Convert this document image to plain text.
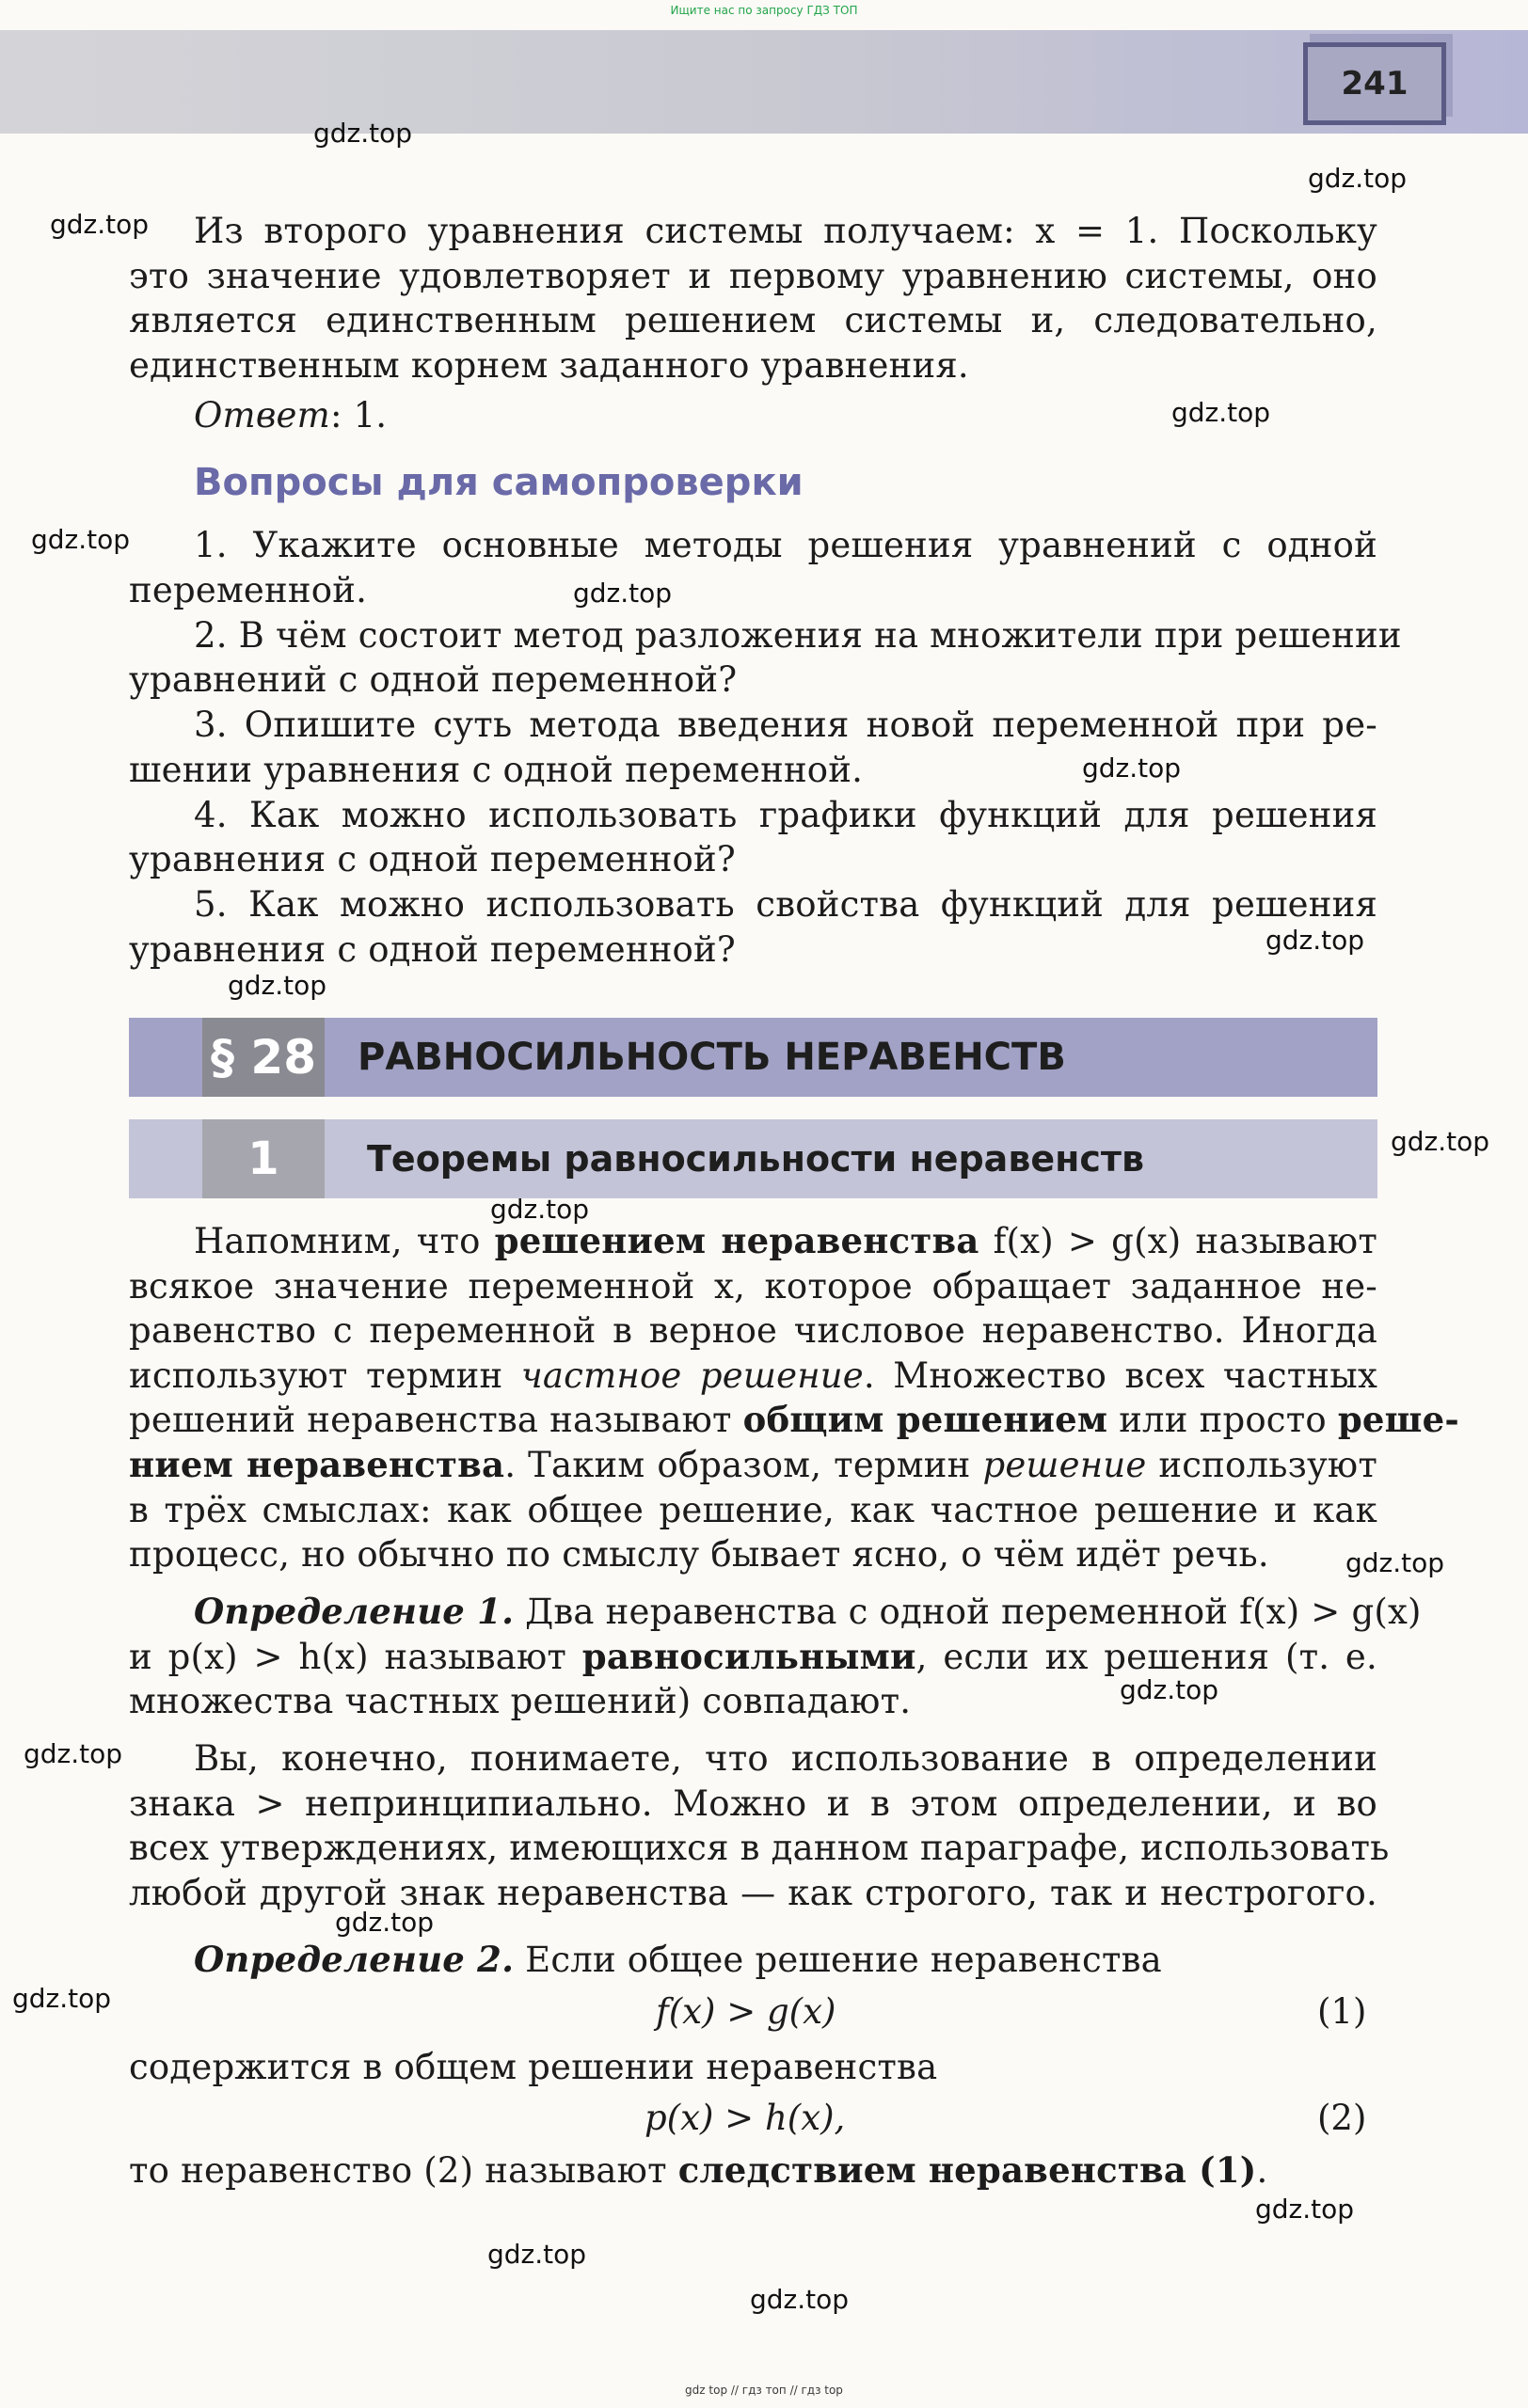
Ищите нас по запросу ГДЗ ТОП
241
Из второго уравнения системы получаем: x = 1. Поскольку
это значение удовлетворяет и первому уравнению системы, оно
является единственным решением системы и, следовательно,
единственным корнем заданного уравнения.
Ответ: 1.
Вопросы для самопроверки
1. Укажите основные методы решения уравнений с одной
переменной.
2. В чём состоит метод разложения на множители при решении
уравнений с одной переменной?
3. Опишите суть метода введения новой переменной при ре-
шении уравнения с одной переменной.
4. Как можно использовать графики функций для решения
уравнения с одной переменной?
5. Как можно использовать свойства функций для решения
уравнения с одной переменной?
§ 28 РАВНОСИЛЬНОСТЬ НЕРАВЕНСТВ
1	Теоремы равносильности неравенств
Напомним, что решением неравенства f(x) > g(x) называют
всякое значение переменной x, которое обращает заданное не-
равенство с переменной в верное числовое неравенство. Иногда
используют термин частное решение. Множество всех частных
решений неравенства называют общим решением или просто реше-
нием неравенства. Таким образом, термин решение используют
в трёх смыслах: как общее решение, как частное решение и как
процесс, но обычно по смыслу бывает ясно, о чём идёт речь.
Определение 1. Два неравенства с одной переменной f(x) > g(x)
и p(x) > h(x) называют равносильными, если их решения (т. е.
множества частных решений) совпадают.
Вы, конечно, понимаете, что использование в определении
знака > непринципиально. Можно и в этом определении, и во
всех утверждениях, имеющихся в данном параграфе, использовать
любой другой знак неравенства — как строгого, так и нестрогого.
Определение 2. Если общее решение неравенства
f(x) > g(x)	(1)
содержится в общем решении неравенства
p(x) > h(x),	(2)
то неравенство (2) называют следствием неравенства (1).
gdz.top
gdz.top
gdz.top
gdz.top
gdz.top
gdz.top
gdz.top
gdz.top
gdz.top
gdz.top
gdz.top
gdz.top
gdz.top
gdz.top
gdz.top
gdz.top
gdz.top
gdz.top
gdz.top
gdz top // гдз топ // гдз top
